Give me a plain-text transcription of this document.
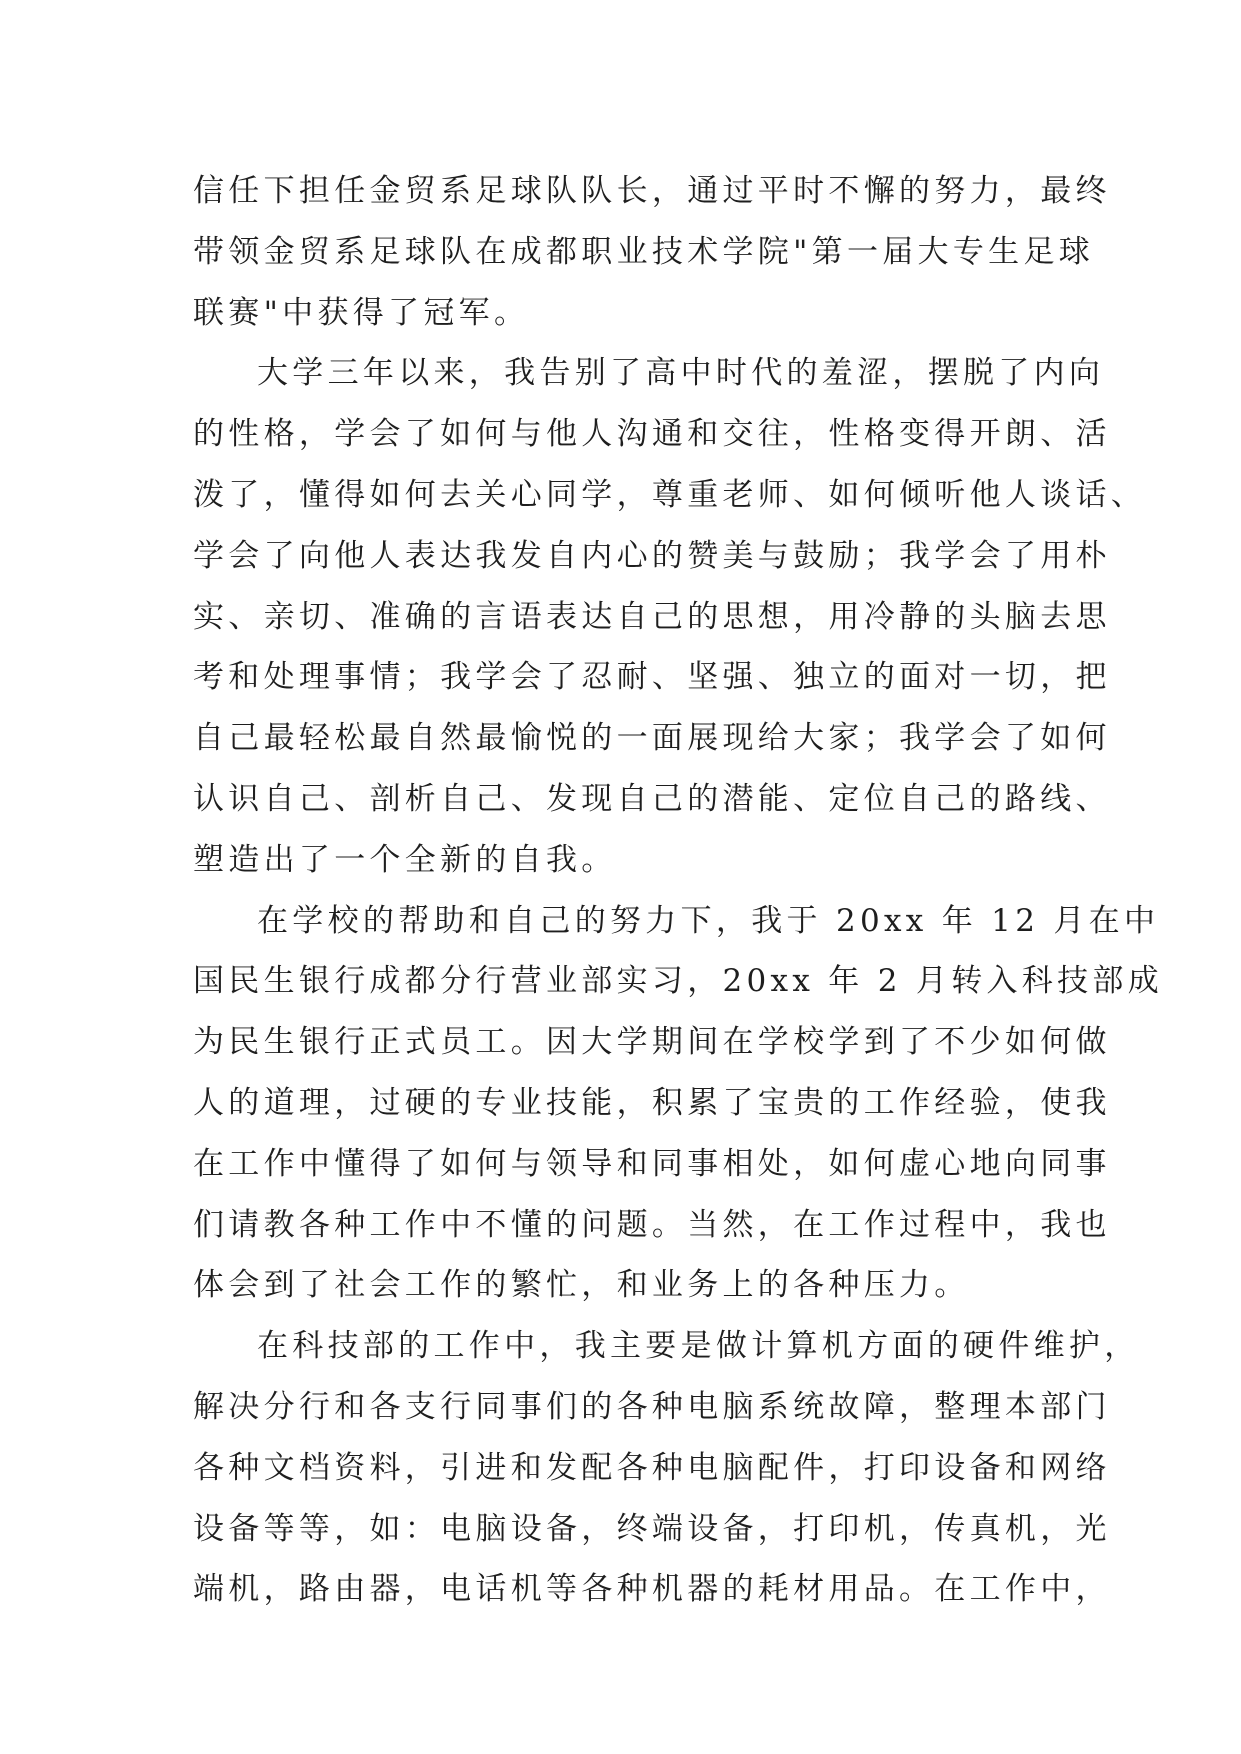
信任下担任金贸系足球队队长，通过平时不懈的努力，最终
带领金贸系足球队在成都职业技术学院"第一届大专生足球
联赛"中获得了冠军。
大学三年以来，我告别了高中时代的羞涩，摆脱了内向
的性格，学会了如何与他人沟通和交往，性格变得开朗、活
泼了，懂得如何去关心同学，尊重老师、如何倾听他人谈话、
学会了向他人表达我发自内心的赞美与鼓励；我学会了用朴
实、亲切、准确的言语表达自己的思想，用冷静的头脑去思
考和处理事情；我学会了忍耐、坚强、独立的面对一切，把
自己最轻松最自然最愉悦的一面展现给大家；我学会了如何
认识自己、剖析自己、发现自己的潜能、定位自己的路线、
塑造出了一个全新的自我。
在学校的帮助和自己的努力下，我于 20xx 年 12 月在中
国民生银行成都分行营业部实习，20xx 年 2 月转入科技部成
为民生银行正式员工。因大学期间在学校学到了不少如何做
人的道理，过硬的专业技能，积累了宝贵的工作经验，使我
在工作中懂得了如何与领导和同事相处，如何虚心地向同事
们请教各种工作中不懂的问题。当然，在工作过程中，我也
体会到了社会工作的繁忙，和业务上的各种压力。
在科技部的工作中，我主要是做计算机方面的硬件维护，
解决分行和各支行同事们的各种电脑系统故障，整理本部门
各种文档资料，引进和发配各种电脑配件，打印设备和网络
设备等等，如：电脑设备，终端设备，打印机，传真机，光
端机，路由器，电话机等各种机器的耗材用品。在工作中，
